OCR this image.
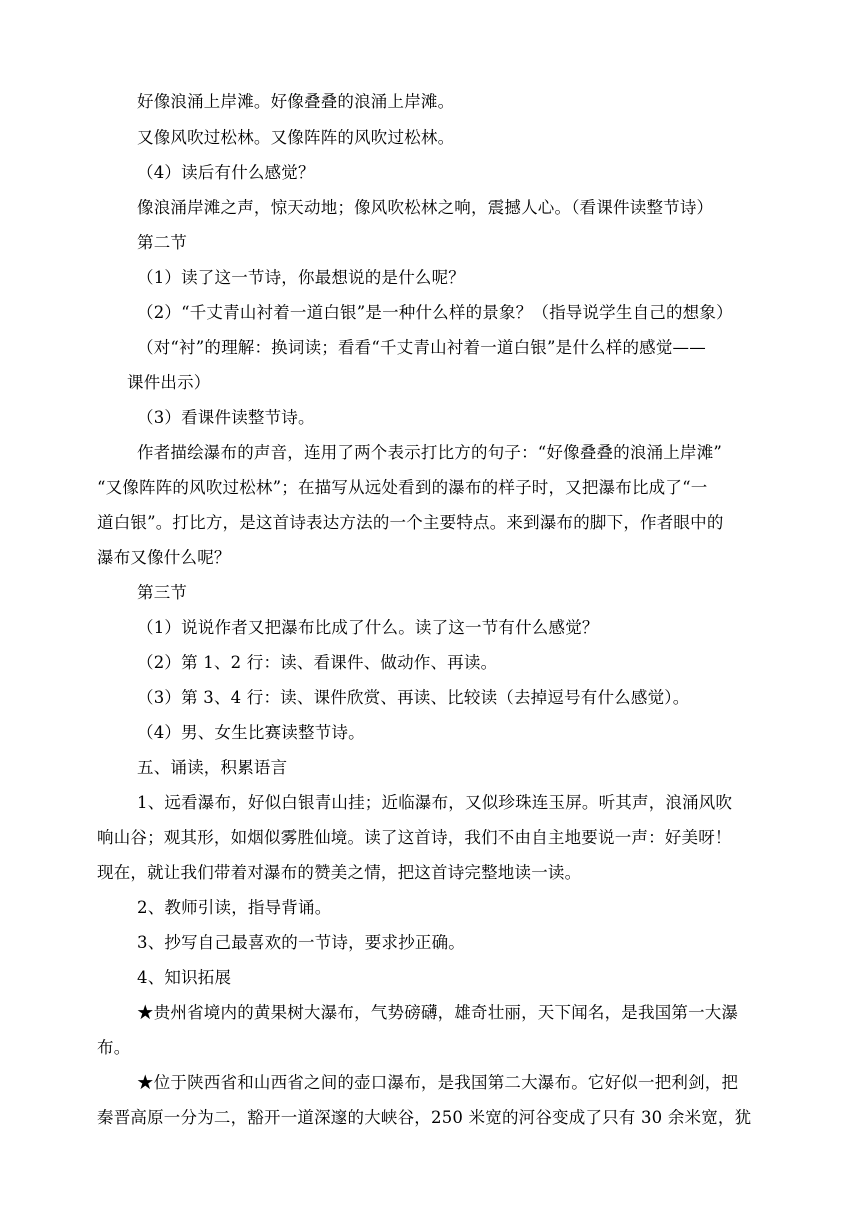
好像浪涌上岸滩。好像叠叠的浪涌上岸滩。
又像风吹过松林。又像阵阵的风吹过松林。
（4）读后有什么感觉？
像浪涌岸滩之声，惊天动地；像风吹松林之响，震撼人心。（看课件读整节诗）
第二节
（1）读了这一节诗，你最想说的是什么呢？
（2）“千丈青山衬着一道白银”是一种什么样的景象？（指导说学生自己的想象）
（对“衬”的理解：换词读；看看“千丈青山衬着一道白银”是什么样的感觉——
课件出示）
（3）看课件读整节诗。
作者描绘瀑布的声音，连用了两个表示打比方的句子：“好像叠叠的浪涌上岸滩”
“又像阵阵的风吹过松林”；在描写从远处看到的瀑布的样子时，又把瀑布比成了“一
道白银”。打比方，是这首诗表达方法的一个主要特点。来到瀑布的脚下，作者眼中的
瀑布又像什么呢？
第三节
（1）说说作者又把瀑布比成了什么。读了这一节有什么感觉？
（2）第 1、2 行：读、看课件、做动作、再读。
（3）第 3、4 行：读、课件欣赏、再读、比较读（去掉逗号有什么感觉）。
（4）男、女生比赛读整节诗。
五、诵读，积累语言
1、远看瀑布，好似白银青山挂；近临瀑布，又似珍珠连玉屏。听其声，浪涌风吹
响山谷；观其形，如烟似雾胜仙境。读了这首诗，我们不由自主地要说一声：好美呀！
现在，就让我们带着对瀑布的赞美之情，把这首诗完整地读一读。
2、教师引读，指导背诵。
3、抄写自己最喜欢的一节诗，要求抄正确。
4、知识拓展
★贵州省境内的黄果树大瀑布，气势磅礴，雄奇壮丽，天下闻名，是我国第一大瀑
布。
★位于陕西省和山西省之间的壶口瀑布，是我国第二大瀑布。它好似一把利剑，把
秦晋高原一分为二，豁开一道深邃的大峡谷，250 米宽的河谷变成了只有 30 余米宽，犹
